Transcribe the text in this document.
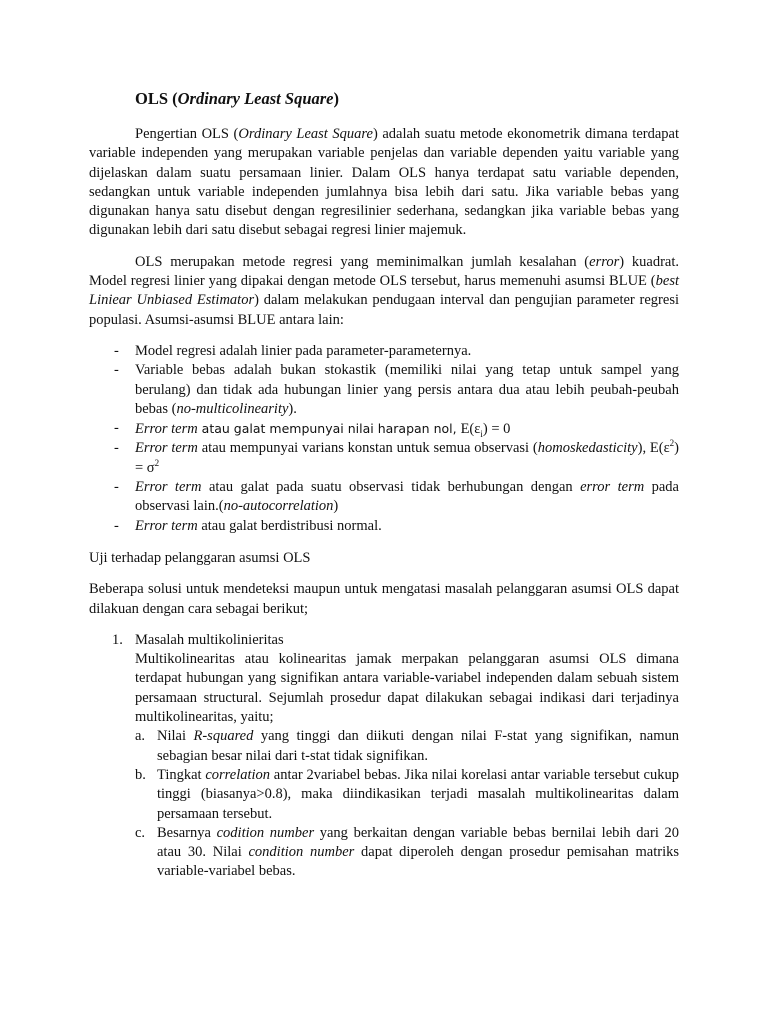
OLS (Ordinary Least Square)

Pengertian OLS (Ordinary Least Square) adalah suatu metode ekonometrik dimana terdapat variable independen yang merupakan variable penjelas dan variable dependen yaitu variable yang dijelaskan dalam suatu persamaan linier. Dalam OLS hanya terdapat satu variable dependen, sedangkan untuk variable independen jumlahnya bisa lebih dari satu. Jika variable bebas yang digunakan hanya satu disebut dengan regresilinier sederhana, sedangkan jika variable bebas yang digunakan lebih dari satu disebut sebagai regresi linier majemuk.

OLS merupakan metode regresi yang meminimalkan jumlah kesalahan (error) kuadrat. Model regresi linier yang dipakai dengan metode OLS tersebut, harus memenuhi asumsi BLUE (best Liniear Unbiased Estimator) dalam melakukan pendugaan interval dan pengujian parameter regresi populasi. Asumsi-asumsi BLUE antara lain:

- Model regresi adalah linier pada parameter-parameternya.
- Variable bebas adalah bukan stokastik (memiliki nilai yang tetap untuk sampel yang berulang) dan tidak ada hubungan linier yang persis antara dua atau lebih peubah-peubah bebas (no-multicolinearity).
- Error term atau galat mempunyai nilai harapan nol, $E(\varepsilon_i) = 0$
- Error term atau mempunyai varians konstan untuk semua observasi (homoskedasticity), $E(\varepsilon^2) = \sigma^2$
- Error term atau galat pada suatu observasi tidak berhubungan dengan error term pada observasi lain.(no-autocorrelation)
- Error term atau galat berdistribusi normal.

Uji terhadap pelanggaran asumsi OLS

Beberapa solusi untuk mendeteksi maupun untuk mengatasi masalah pelanggaran asumsi OLS dapat dilakuan dengan cara sebagai berikut;

1. Masalah multikolinieritas
Multikolinearitas atau kolinearitas jamak merpakan pelanggaran asumsi OLS dimana terdapat hubungan yang signifikan antara variable-variabel independen dalam sebuah sistem persamaan structural. Sejumlah prosedur dapat dilakukan sebagai indikasi dari terjadinya multikolinearitas, yaitu;
a. Nilai R-squared yang tinggi dan diikuti dengan nilai F-stat yang signifikan, namun sebagian besar nilai dari t-stat tidak signifikan.
b. Tingkat correlation antar 2variabel bebas. Jika nilai korelasi antar variable tersebut cukup tinggi (biasanya>0.8), maka diindikasikan terjadi masalah multikolinearitas dalam persamaan tersebut.
c. Besarnya codition number yang berkaitan dengan variable bebas bernilai lebih dari 20 atau 30. Nilai condition number dapat diperoleh dengan prosedur pemisahan matriks variable-variabel bebas.
